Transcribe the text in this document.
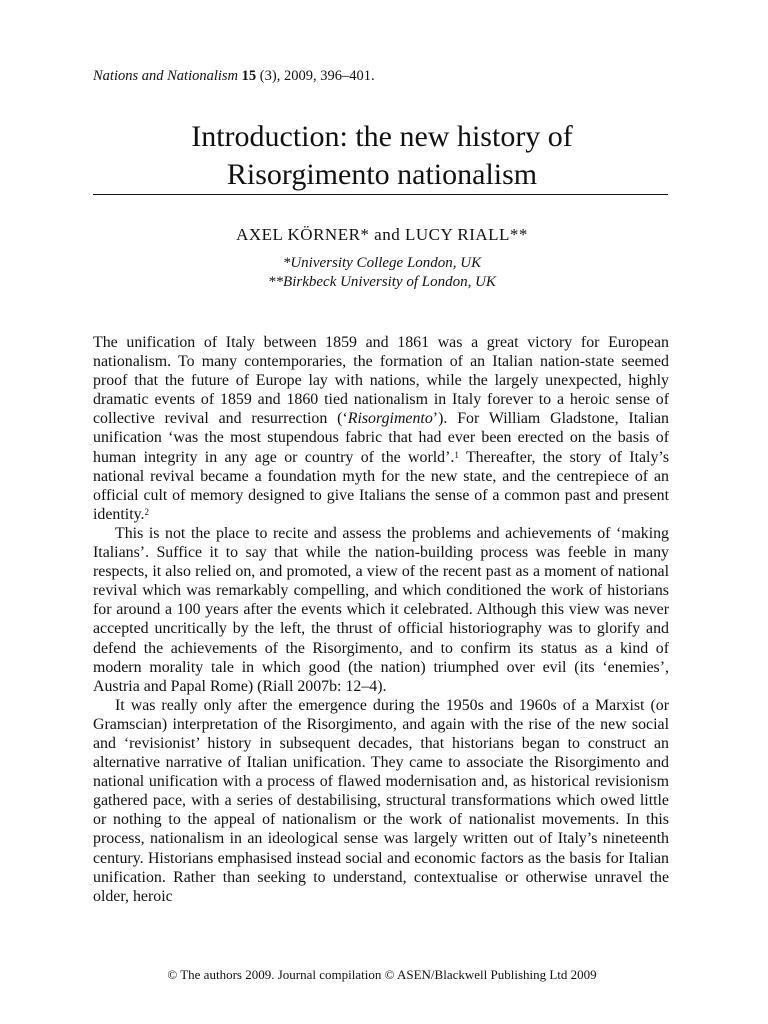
Nations and Nationalism 15 (3), 2009, 396–401.
Introduction: the new history of
Risorgimento nationalism
AXEL KÖRNER* and LUCY RIALL**
*University College London, UK
**Birkbeck University of London, UK

The unification of Italy between 1859 and 1861 was a great victory for European nationalism. To many contemporaries, the formation of an Italian nation-state seemed proof that the future of Europe lay with nations, while the largely unexpected, highly dramatic events of 1859 and 1860 tied nationalism in Italy forever to a heroic sense of collective revival and resurrection (‘Risorgimento’). For William Gladstone, Italian unification ‘was the most stupendous fabric that had ever been erected on the basis of human integrity in any age or country of the world’.$^1$ Thereafter, the story of Italy’s national revival became a foundation myth for the new state, and the centrepiece of an official cult of memory designed to give Italians the sense of a common past and present identity.$^2$

This is not the place to recite and assess the problems and achievements of ‘making Italians’. Suffice it to say that while the nation-building process was feeble in many respects, it also relied on, and promoted, a view of the recent past as a moment of national revival which was remarkably compelling, and which conditioned the work of historians for around a 100 years after the events which it celebrated. Although this view was never accepted uncritically by the left, the thrust of official historiography was to glorify and defend the achievements of the Risorgimento, and to confirm its status as a kind of modern morality tale in which good (the nation) triumphed over evil (its ‘enemies’, Austria and Papal Rome) (Riall 2007b: 12–4).

It was really only after the emergence during the 1950s and 1960s of a Marxist (or Gramscian) interpretation of the Risorgimento, and again with the rise of the new social and ‘revisionist’ history in subsequent decades, that historians began to construct an alternative narrative of Italian unification. They came to associate the Risorgimento and national unification with a process of flawed modernisation and, as historical revisionism gathered pace, with a series of destabilising, structural transformations which owed little or nothing to the appeal of nationalism or the work of nationalist movements. In this process, nationalism in an ideological sense was largely written out of Italy’s nineteenth century. Historians emphasised instead social and economic factors as the basis for Italian unification. Rather than seeking to understand, contextualise or otherwise unravel the older, heroic

© The authors 2009. Journal compilation © ASEN/Blackwell Publishing Ltd 2009
